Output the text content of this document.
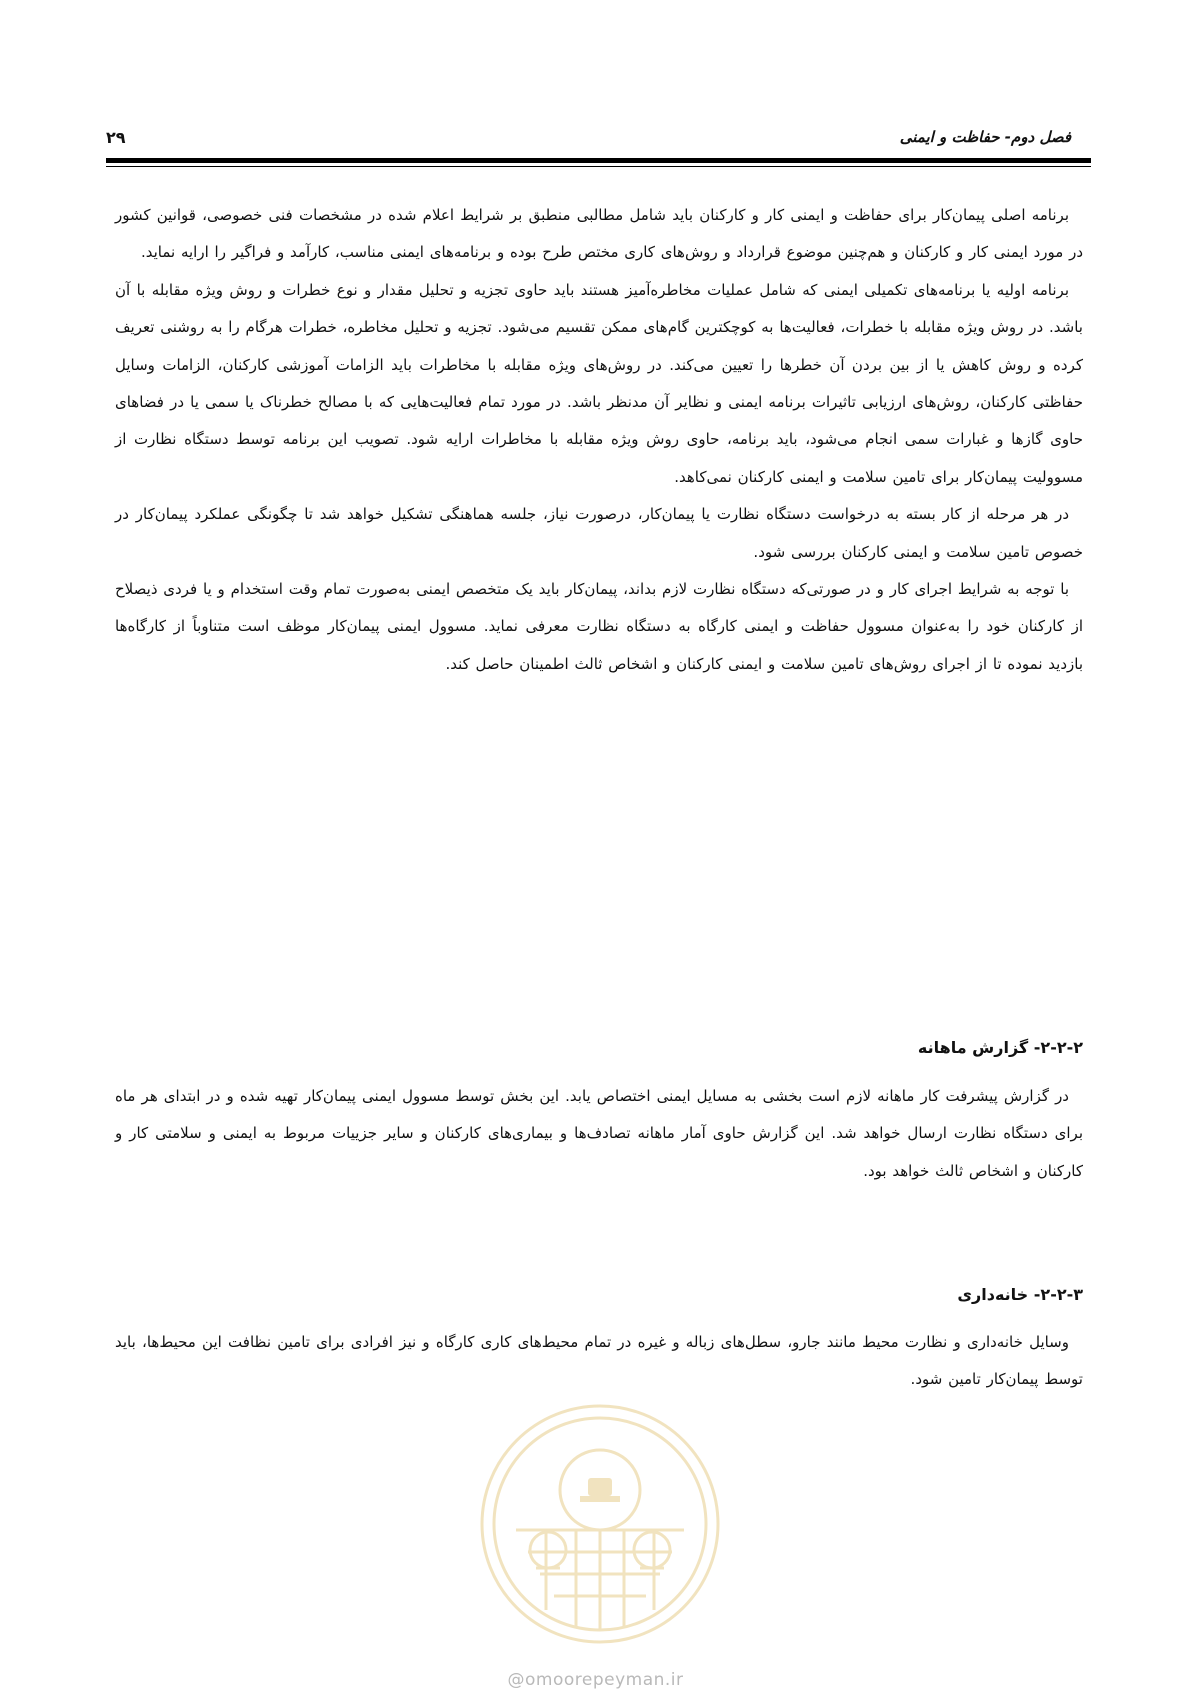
فصل دوم- حفاظت و ایمنی
۲۹

برنامه اصلی پیمان‌کار برای حفاظت و ایمنی کار و کارکنان باید شامل مطالبی منطبق بر شرایط اعلام شده در مشخصات فنی خصوصی، قوانین کشور در مورد ایمنی کار و کارکنان و هم‌چنین موضوع قرارداد و روش‌های کاری مختص طرح بوده و برنامه‌های ایمنی مناسب، کارآمد و فراگیر را ارایه نماید.

برنامه اولیه یا برنامه‌های تکمیلی ایمنی که شامل عملیات مخاطره‌آمیز هستند باید حاوی تجزیه و تحلیل مقدار و نوع خطرات و روش ویژه مقابله با آن باشد. در روش ویژه مقابله با خطرات، فعالیت‌ها به کوچکترین گام‌های ممکن تقسیم می‌شود. تجزیه و تحلیل مخاطره، خطرات هرگام را به روشنی تعریف کرده و روش کاهش یا از بین بردن آن خطرها را تعیین می‌کند. در روش‌های ویژه مقابله با مخاطرات باید الزامات آموزشی کارکنان، الزامات وسایل حفاظتی کارکنان، روش‌های ارزیابی تاثیرات برنامه ایمنی و نظایر آن مدنظر باشد. در مورد تمام فعالیت‌هایی که با مصالح خطرناک یا سمی یا در فضاهای حاوی گازها و غبارات سمی انجام می‌شود، باید برنامه، حاوی روش ویژه مقابله با مخاطرات ارایه شود. تصویب این برنامه توسط دستگاه نظارت از مسوولیت پیمان‌کار برای تامین سلامت و ایمنی کارکنان نمی‌کاهد.

در هر مرحله از کار بسته به درخواست دستگاه نظارت یا پیمان‌کار، درصورت نیاز، جلسه هماهنگی تشکیل خواهد شد تا چگونگی عملکرد پیمان‌کار در خصوص تامین سلامت و ایمنی کارکنان بررسی شود.

با توجه به شرایط اجرای کار و در صورتی‌که دستگاه نظارت لازم بداند، پیمان‌کار باید یک متخصص ایمنی به‌صورت تمام وقت استخدام و یا فردی ذیصلاح از کارکنان خود را به‌عنوان مسوول حفاظت و ایمنی کارگاه به دستگاه نظارت معرفی نماید. مسوول ایمنی پیمان‌کار موظف است متناوباً از کارگاه‌ها بازدید نموده تا از اجرای روش‌های تامین سلامت و ایمنی کارکنان و اشخاص ثالث اطمینان حاصل کند.

۲-۲-۲- گزارش ماهانه

در گزارش پیشرفت کار ماهانه لازم است بخشی به مسایل ایمنی اختصاص یابد. این بخش توسط مسوول ایمنی پیمان‌کار تهیه شده و در ابتدای هر ماه برای دستگاه نظارت ارسال خواهد شد. این گزارش حاوی آمار ماهانه تصادف‌ها و بیماری‌های کارکنان و سایر جزییات مربوط به ایمنی و سلامتی کار و کارکنان و اشخاص ثالث خواهد بود.

۲-۲-۳- خانه‌داری

وسایل خانه‌داری و نظارت محیط مانند جارو، سطل‌های زباله و غیره در تمام محیط‌های کاری کارگاه و نیز افرادی برای تامین نظافت این محیط‌ها، باید توسط پیمان‌کار تامین شود.

@omoorepeyman.ir
